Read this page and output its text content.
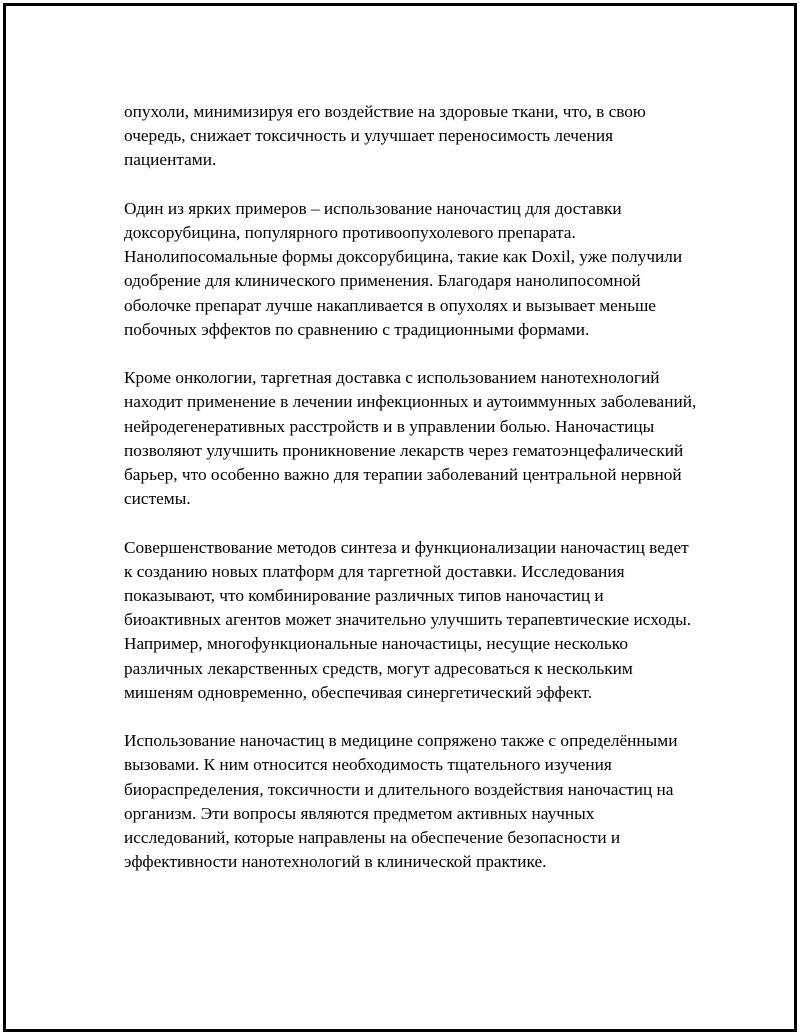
опухоли, минимизируя его воздействие на здоровые ткани, что, в свою очередь, снижает токсичность и улучшает переносимость лечения пациентами.

Один из ярких примеров – использование наночастиц для доставки доксорубицина, популярного противоопухолевого препарата. Нанолипосомальные формы доксорубицина, такие как Doxil, уже получили одобрение для клинического применения. Благодаря нанолипосомной оболочке препарат лучше накапливается в опухолях и вызывает меньше побочных эффектов по сравнению с традиционными формами.

Кроме онкологии, таргетная доставка с использованием нанотехнологий находит применение в лечении инфекционных и аутоиммунных заболеваний, нейродегенеративных расстройств и в управлении болью. Наночастицы позволяют улучшить проникновение лекарств через гематоэнцефалический барьер, что особенно важно для терапии заболеваний центральной нервной системы.

Совершенствование методов синтеза и функционализации наночастиц ведет к созданию новых платформ для таргетной доставки. Исследования показывают, что комбинирование различных типов наночастиц и биоактивных агентов может значительно улучшить терапевтические исходы. Например, многофункциональные наночастицы, несущие несколько различных лекарственных средств, могут адресоваться к нескольким мишеням одновременно, обеспечивая синергетический эффект.

Использование наночастиц в медицине сопряжено также с определёнными вызовами. К ним относится необходимость тщательного изучения биораспределения, токсичности и длительного воздействия наночастиц на организм. Эти вопросы являются предметом активных научных исследований, которые направлены на обеспечение безопасности и эффективности нанотехнологий в клинической практике.
